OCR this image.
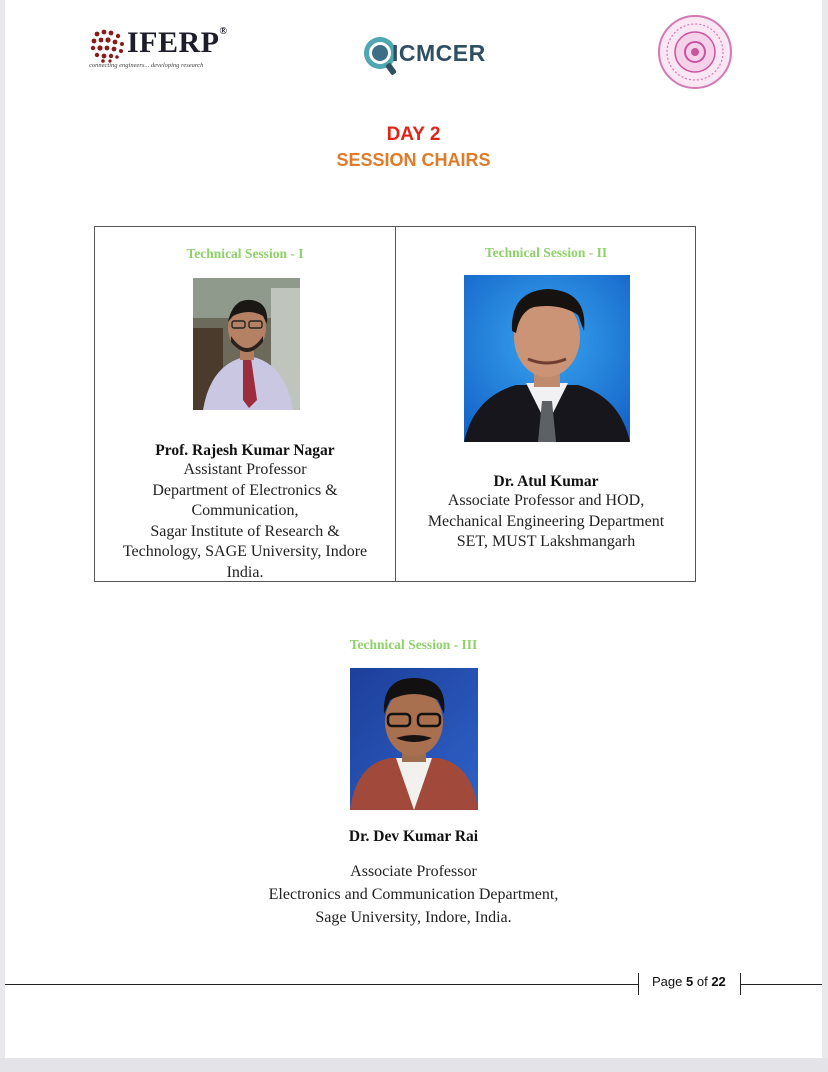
IFERP®
connecting engineers... developing research	ICMCER
DAY 2
SESSION CHAIRS
Technical Session - I
Prof. Rajesh Kumar Nagar
Assistant Professor
Department of Electronics &
Communication,
Sagar Institute of Research &
Technology, SAGE University, Indore
India.
Technical Session - II
Dr. Atul Kumar
Associate Professor and HOD,
Mechanical Engineering Department
SET, MUST Lakshmangarh
Technical Session - III
Dr. Dev Kumar Rai
Associate Professor
Electronics and Communication Department,
Sage University, Indore, India.
Page 5 of 22
